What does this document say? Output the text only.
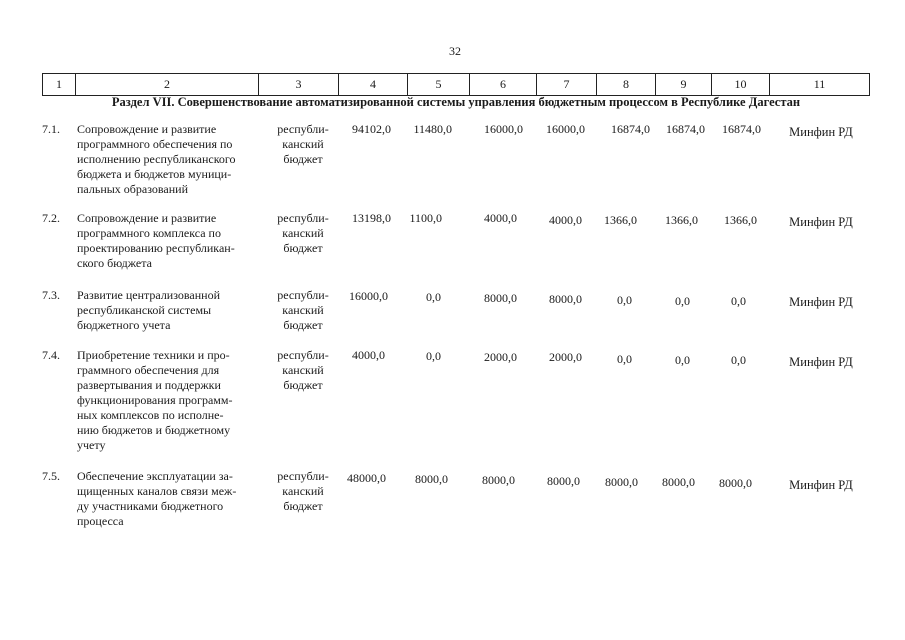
32
1	2	3	4	5	6	7	8	9	10	11
Раздел VII. Совершенствование автоматизированной системы управления бюджетным процессом в Республике Дагестан
7.1.	Сопровождение и развитие
программного обеспечения по
исполнению республиканского
бюджета и бюджетов муници-
пальных образований
республи-
канский
бюджет
94102,0	11480,0	16000,0	16000,0	16874,0	16874,0	16874,0	Минфин РД
7.2.	Сопровождение и развитие
программного комплекса по
проектированию республикан-
ского бюджета
республи-
канский
бюджет
13198,0	1100,0	4000,0	4000,0	1366,0	1366,0	1366,0	Минфин РД
7.3.	Развитие централизованной
республиканской системы
бюджетного учета
республи-
канский
бюджет
16000,0	0,0	8000,0	8000,0	0,0	0,0	0,0	Минфин РД
7.4.	Приобретение техники и про-
граммного обеспечения для
развертывания и поддержки
функционирования программ-
ных комплексов по исполне-
нию бюджетов и бюджетному
учету
республи-
канский
бюджет
4000,0	0,0	2000,0	2000,0	0,0	0,0	0,0	Минфин РД
7.5.	Обеспечение эксплуатации за-
щищенных каналов связи меж-
ду участниками бюджетного
процесса
республи-
канский
бюджет
48000,0	8000,0	8000,0	8000,0	8000,0	8000,0	8000,0	Минфин РД
